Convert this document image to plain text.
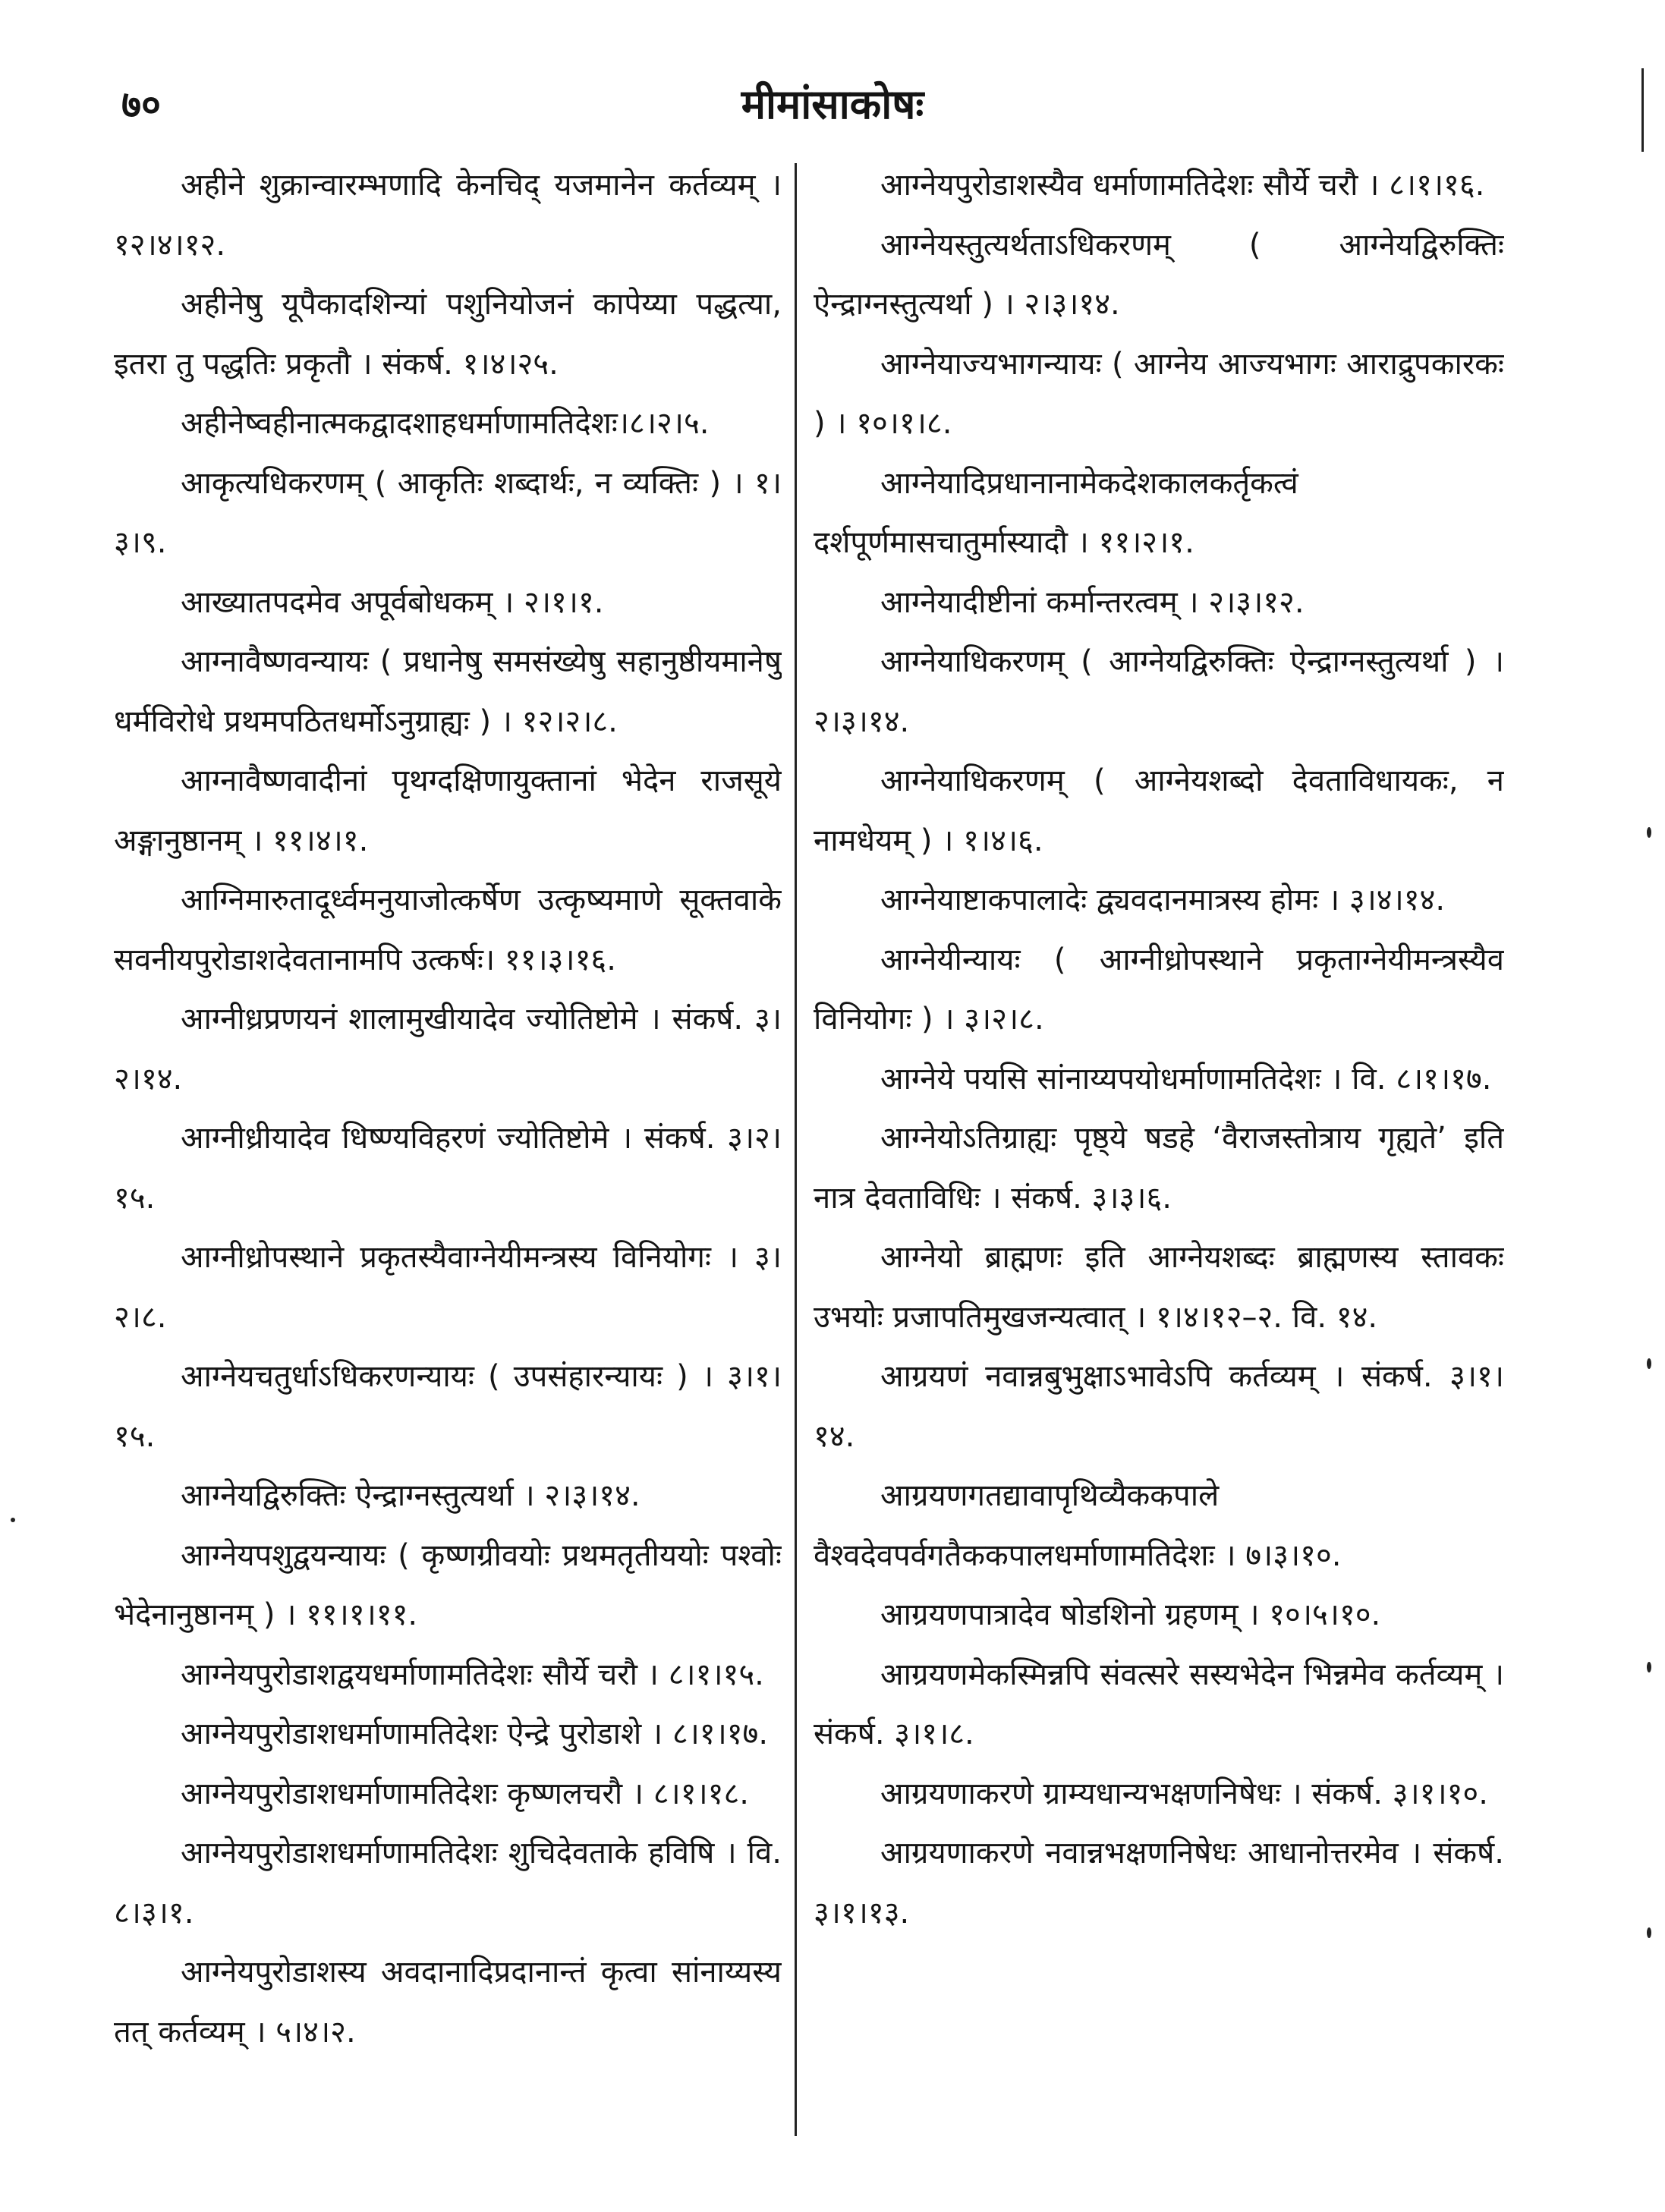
७०	मीमांसाकोषः

अहीने शुक्रान्वारम्भणादि केनचिद् यजमानेन कर्तव्यम् । १२।४।१२.

अहीनेषु यूपैकादशिन्यां पशुनियोजनं कापेय्या पद्धत्या, इतरा तु पद्धतिः प्रकृतौ । संकर्ष. १।४।२५.

अहीनेष्वहीनात्मकद्वादशाहधर्माणामतिदेशः।८।२।५.

आकृत्यधिकरणम् ( आकृतिः शब्दार्थः, न व्यक्तिः ) । १।३।९.

आख्यातपदमेव अपूर्वबोधकम् । २।१।१.

आग्नावैष्णवन्यायः ( प्रधानेषु समसंख्येषु सहानुष्ठीयमानेषु धर्मविरोधे प्रथमपठितधर्मोऽनुग्राह्यः ) । १२।२।८.

आग्नावैष्णवादीनां पृथग्दक्षिणायुक्तानां भेदेन राजसूये अङ्गानुष्ठानम् । ११।४।१.

आग्निमारुतादूर्ध्वमनुयाजोत्कर्षेण उत्कृष्यमाणे सूक्तवाके सवनीयपुरोडाशदेवतानामपि उत्कर्षः। ११।३।१६.

आग्नीध्रप्रणयनं शालामुखीयादेव ज्योतिष्टोमे । संकर्ष. ३।२।१४.

आग्नीध्रीयादेव धिष्ण्यविहरणं ज्योतिष्टोमे । संकर्ष. ३।२।१५.

आग्नीध्रोपस्थाने प्रकृतस्यैवाग्नेयीमन्त्रस्य विनियोगः । ३।२।८.

आग्नेयचतुर्धाऽधिकरणन्यायः ( उपसंहारन्यायः ) । ३।१।१५.

आग्नेयद्विरुक्तिः ऐन्द्राग्नस्तुत्यर्था । २।३।१४.

आग्नेयपशुद्वयन्यायः ( कृष्णग्रीवयोः प्रथमतृतीययोः पश्वोः भेदेनानुष्ठानम् ) । ११।१।११.

आग्नेयपुरोडाशद्वयधर्माणामतिदेशः सौर्ये चरौ । ८।१।१५.

आग्नेयपुरोडाशधर्माणामतिदेशः ऐन्द्रे पुरोडाशे । ८।१।१७.

आग्नेयपुरोडाशधर्माणामतिदेशः कृष्णलचरौ । ८।१।१८.

आग्नेयपुरोडाशधर्माणामतिदेशः शुचिदेवताके हविषि । वि. ८।३।१.

आग्नेयपुरोडाशस्य अवदानादिप्रदानान्तं कृत्वा सांनाय्यस्य तत् कर्तव्यम् । ५।४।२.

आग्नेयपुरोडाशस्यैव धर्माणामतिदेशः सौर्ये चरौ । ८।१।१६.

आग्नेयस्तुत्यर्थताऽधिकरणम् ( आग्नेयद्विरुक्तिः ऐन्द्राग्नस्तुत्यर्था ) । २।३।१४.

आग्नेयाज्यभागन्यायः ( आग्नेय आज्यभागः आराद्रुपकारकः ) । १०।१।८.

आग्नेयादिप्रधानानामेकदेशकालकर्तृकत्वं दर्शपूर्णमासचातुर्मास्यादौ । ११।२।१.

आग्नेयादीष्टीनां कर्मान्तरत्वम् । २।३।१२.

आग्नेयाधिकरणम् ( आग्नेयद्विरुक्तिः ऐन्द्राग्नस्तुत्यर्था ) । २।३।१४.

आग्नेयाधिकरणम् ( आग्नेयशब्दो देवताविधायकः, न नामधेयम् ) । १।४।६.

आग्नेयाष्टाकपालादेः द्व्यवदानमात्रस्य होमः । ३।४।१४.

आग्नेयीन्यायः ( आग्नीध्रोपस्थाने प्रकृताग्नेयीमन्त्रस्यैव विनियोगः ) । ३।२।८.

आग्नेये पयसि सांनाय्यपयोधर्माणामतिदेशः । वि. ८।१।१७.

आग्नेयोऽतिग्राह्यः पृष्ठ्ये षडहे ‘वैराजस्तोत्राय गृह्यते’ इति नात्र देवताविधिः । संकर्ष. ३।३।६.

आग्नेयो ब्राह्मणः इति आग्नेयशब्दः ब्राह्मणस्य स्तावकः उभयोः प्रजापतिमुखजन्यत्वात् । १।४।१२–२. वि. १४.

आग्रयणं नवान्नबुभुक्षाऽभावेऽपि कर्तव्यम् । संकर्ष. ३।१।१४.

आग्रयणगतद्यावापृथिव्यैककपाले वैश्वदेवपर्वगतैककपालधर्माणामतिदेशः । ७।३।१०.

आग्रयणपात्रादेव षोडशिनो ग्रहणम् । १०।५।१०.

आग्रयणमेकस्मिन्नपि संवत्सरे सस्यभेदेन भिन्नमेव कर्तव्यम् । संकर्ष. ३।१।८.

आग्रयणाकरणे ग्राम्यधान्यभक्षणनिषेधः । संकर्ष. ३।१।१०.

आग्रयणाकरणे नवान्नभक्षणनिषेधः आधानोत्तरमेव । संकर्ष. ३।१।१३.
